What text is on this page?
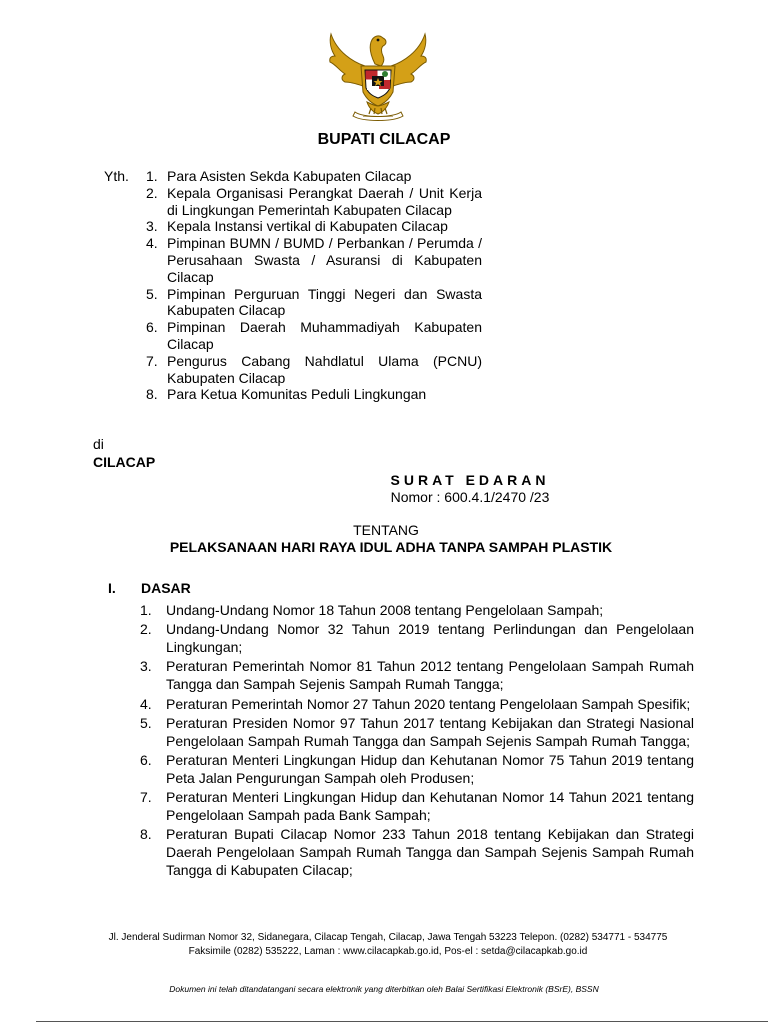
BUPATI CILACAP
Yth. 1. Para Asisten Sekda Kabupaten Cilacap
2. Kepala Organisasi Perangkat Daerah / Unit Kerja di Lingkungan Pemerintah Kabupaten Cilacap
3. Kepala Instansi vertikal di Kabupaten Cilacap
4. Pimpinan BUMN / BUMD / Perbankan / Perumda / Perusahaan Swasta / Asuransi di Kabupaten Cilacap
5. Pimpinan Perguruan Tinggi Negeri dan Swasta Kabupaten Cilacap
6. Pimpinan Daerah Muhammadiyah Kabupaten Cilacap
7. Pengurus Cabang Nahdlatul Ulama (PCNU) Kabupaten Cilacap
8. Para Ketua Komunitas Peduli Lingkungan
di
CILACAP
SURAT EDARAN
Nomor : 600.4.1/2470 /23
TENTANG
PELAKSANAAN HARI RAYA IDUL ADHA TANPA SAMPAH PLASTIK
I. DASAR
1.	Undang-Undang Nomor 18 Tahun 2008 tentang Pengelolaan Sampah;
2.	Undang-Undang Nomor 32 Tahun 2019 tentang Perlindungan dan Pengelolaan Lingkungan;
3.	Peraturan Pemerintah Nomor 81 Tahun 2012 tentang Pengelolaan Sampah Rumah Tangga dan Sampah Sejenis Sampah Rumah Tangga;
4.	Peraturan Pemerintah Nomor 27 Tahun 2020 tentang Pengelolaan Sampah Spesifik;
5.	Peraturan Presiden Nomor 97 Tahun 2017 tentang Kebijakan dan Strategi Nasional Pengelolaan Sampah Rumah Tangga dan Sampah Sejenis Sampah Rumah Tangga;
6.	Peraturan Menteri Lingkungan Hidup dan Kehutanan Nomor 75 Tahun 2019 tentang Peta Jalan Pengurungan Sampah oleh Produsen;
7.	Peraturan Menteri Lingkungan Hidup dan Kehutanan Nomor 14 Tahun 2021 tentang Pengelolaan Sampah pada Bank Sampah;
8.	Peraturan Bupati Cilacap Nomor 233 Tahun 2018 tentang Kebijakan dan Strategi Daerah Pengelolaan Sampah Rumah Tangga dan Sampah Sejenis Sampah Rumah Tangga di Kabupaten Cilacap;
Jl. Jenderal Sudirman Nomor 32, Sidanegara, Cilacap Tengah, Cilacap, Jawa Tengah 53223 Telepon. (0282) 534771 - 534775
Faksimile (0282) 535222, Laman : www.cilacapkab.go.id, Pos-el : setda@cilacapkab.go.id
Dokumen ini telah ditandatangani secara elektronik yang diterbitkan oleh Balai Sertifikasi Elektronik (BSrE), BSSN
